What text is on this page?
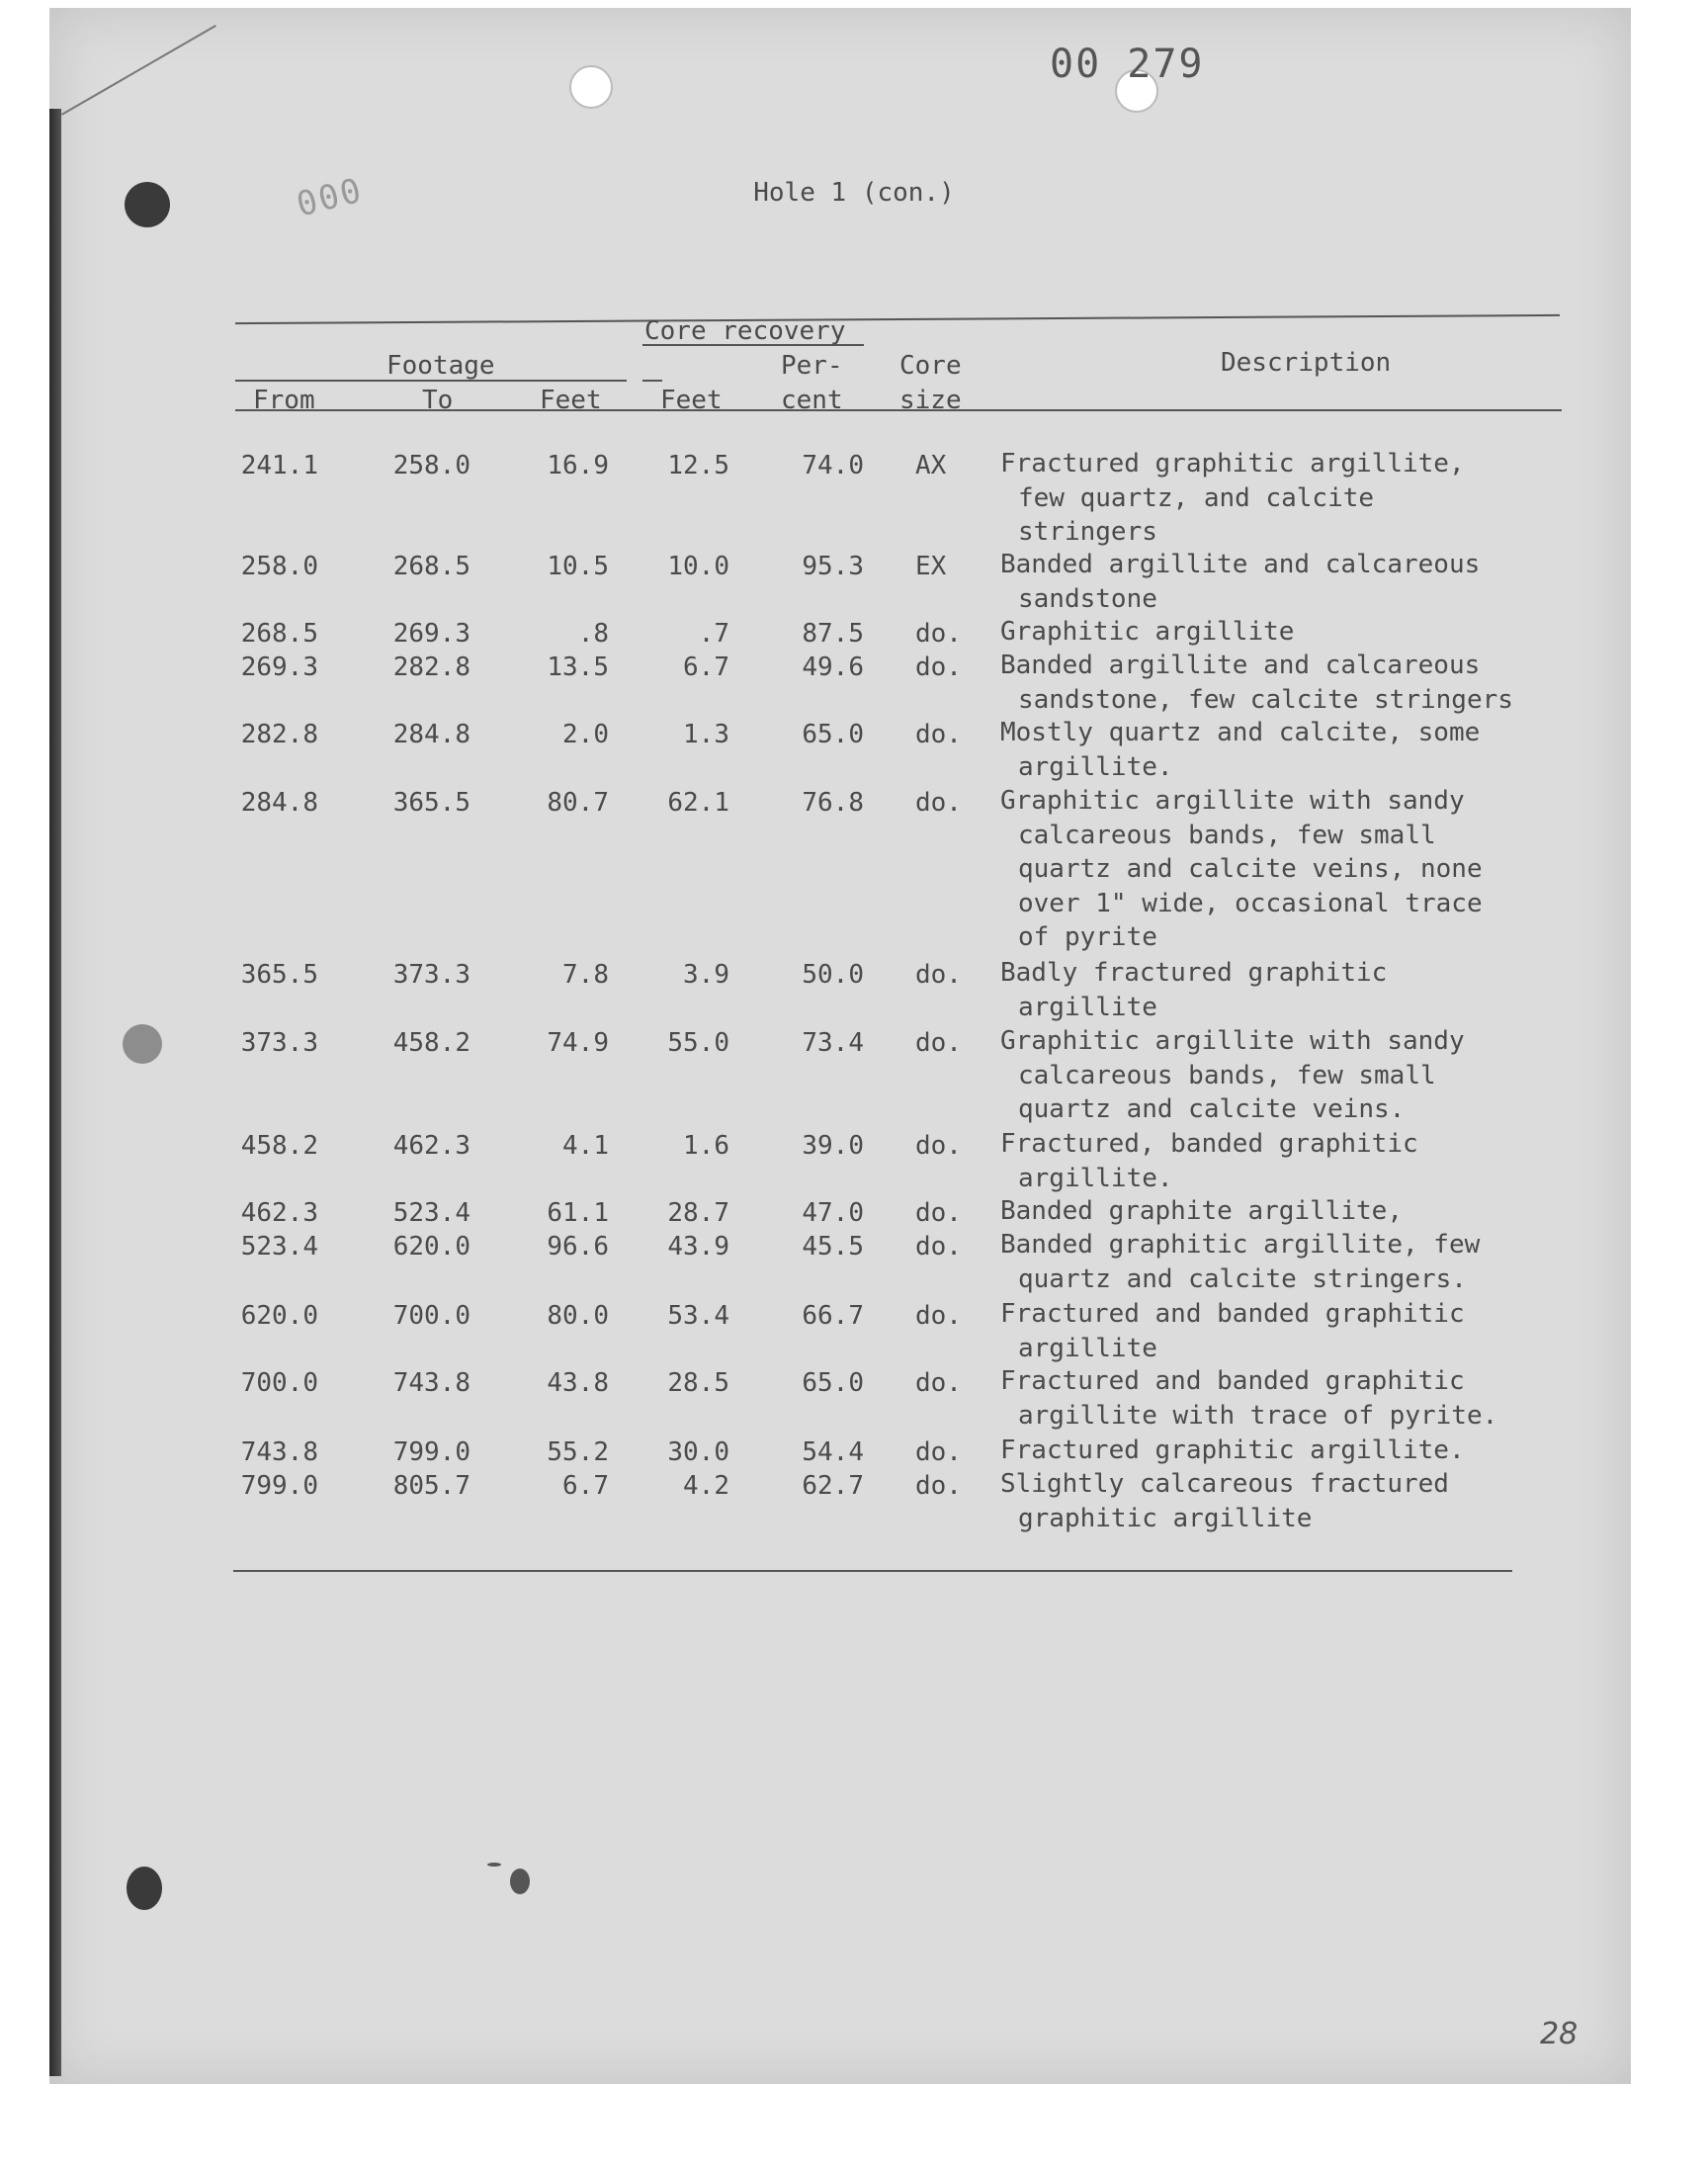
00 279
000	Hole 1 (con.)
Core recovery
Footage	Per- Core	Description
From	To	Feet Feet cent size
241.1	258.0	16.9 12.5	74.0 AX Fractured graphitic argillite,
few quartz, and calcite
stringers
258.0	268.5	10.5 10.0	95.3 EX Banded argillite and calcareous
sandstone
268.5	269.3	.8	.7	87.5 do. Graphitic argillite
269.3	282.8	13.5	6.7	49.6 do. Banded argillite and calcareous
sandstone, few calcite stringers
282.8	284.8	2.0	1.3	65.0 do. Mostly quartz and calcite, some
argillite.
284.8	365.5	80.7 62.1	76.8 do. Graphitic argillite with sandy
calcareous bands, few small
quartz and calcite veins, none
over 1" wide, occasional trace
of pyrite
365.5	373.3	7.8	3.9	50.0 do. Badly fractured graphitic
argillite
373.3	458.2	74.9 55.0	73.4 do. Graphitic argillite with sandy
calcareous bands, few small
quartz and calcite veins.
458.2	462.3	4.1	1.6	39.0 do. Fractured, banded graphitic
argillite.
462.3	523.4	61.1 28.7	47.0 do. Banded graphite argillite,
523.4	620.0	96.6 43.9	45.5 do. Banded graphitic argillite, few
quartz and calcite stringers.
620.0	700.0	80.0 53.4	66.7 do. Fractured and banded graphitic
argillite
700.0	743.8	43.8 28.5	65.0 do. Fractured and banded graphitic
argillite with trace of pyrite.
743.8	799.0	55.2 30.0	54.4 do. Fractured graphitic argillite.
799.0	805.7	6.7	4.2	62.7 do. Slightly calcareous fractured
graphitic argillite
28
